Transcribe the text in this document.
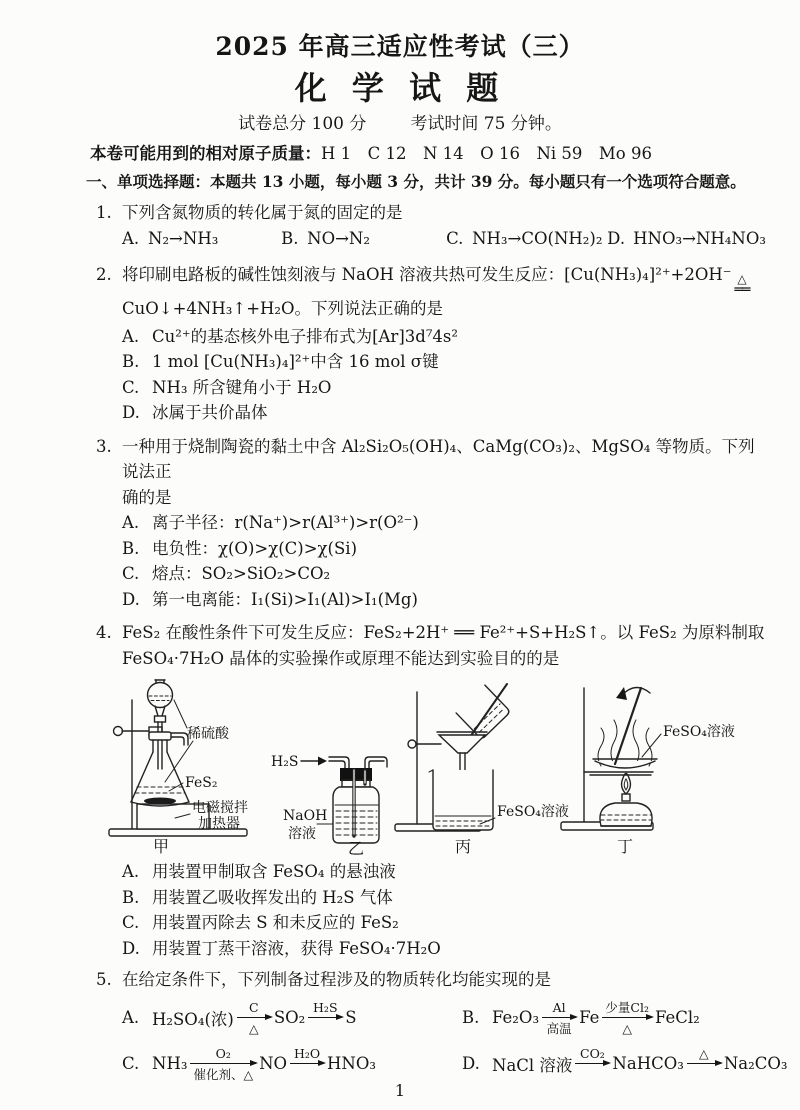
2025 年高三适应性考试（三）
化 学 试 题
试卷总分 100 分	考试时间 75 分钟。
本卷可能用到的相对原子质量：H 1　C 12　N 14　O 16　Ni 59　Mo 96
一、单项选择题：本题共 13 小题，每小题 3 分，共计 39 分。每小题只有一个选项符合题意。
1. 下列含氮物质的转化属于氮的固定的是

A. N₂→NH₃	B. NO→N₂	C. NH₃→CO(NH₂)₂ D. HNO₃→NH₄NO₃
2. 将印刷电路板的碱性蚀刻液与 NaOH 溶液共热可发生反应：[Cu(NH₃)₄]²⁺+2OH⁻ △
══

CuO↓+4NH₃↑+H₂O。下列说法正确的是

A. Cu²⁺的基态核外电子排布式为[Ar]3d⁷4s²
B. 1 mol [Cu(NH₃)₄]²⁺中含 16 mol σ键
C. NH₃ 所含键角小于 H₂O
D. 冰属于共价晶体
3. 一种用于烧制陶瓷的黏土中含 Al₂Si₂O₅(OH)₄、CaMg(CO₃)₂、MgSO₄ 等物质。下列说法正

确的是

A. 离子半径：r(Na⁺)>r(Al³⁺)>r(O²⁻)
B. 电负性：χ(O)>χ(C)>χ(Si)
C. 熔点：SO₂>SiO₂>CO₂
D. 第一电离能：I₁(Si)>I₁(Al)>I₁(Mg)
4. FeS₂ 在酸性条件下可发生反应：FeS₂+2H⁺ ══ Fe²⁺+S+H₂S↑。以 FeS₂ 为原料制取

FeSO₄·7H₂O 晶体的实验操作或原理不能达到实验目的的是

稀硫酸
FeS₂
电磁搅拌
加热器
甲
H₂S
NaOH
溶液
乙
FeSO₄溶液
丙
FeSO₄溶液
丁
A. 用装置甲制取含 FeSO₄ 的悬浊液
B. 用装置乙吸收挥发出的 H₂S 气体
C. 用装置丙除去 S 和未反应的 FeS₂
D. 用装置丁蒸干溶液，获得 FeSO₄·7H₂O
5. 在给定条件下，下列制备过程涉及的物质转化均能实现的是

A. H₂SO₄(浓)
C
△
SO₂
H₂S
S	B. Fe₂O₃
Al
高温
Fe
少量Cl₂
△
FeCl₂
C. NH₃
O₂
催化剂、△
NO
H₂O
HNO₃	D. NaCl 溶液
CO₂
NaHCO₃
△
Na₂CO₃
1
